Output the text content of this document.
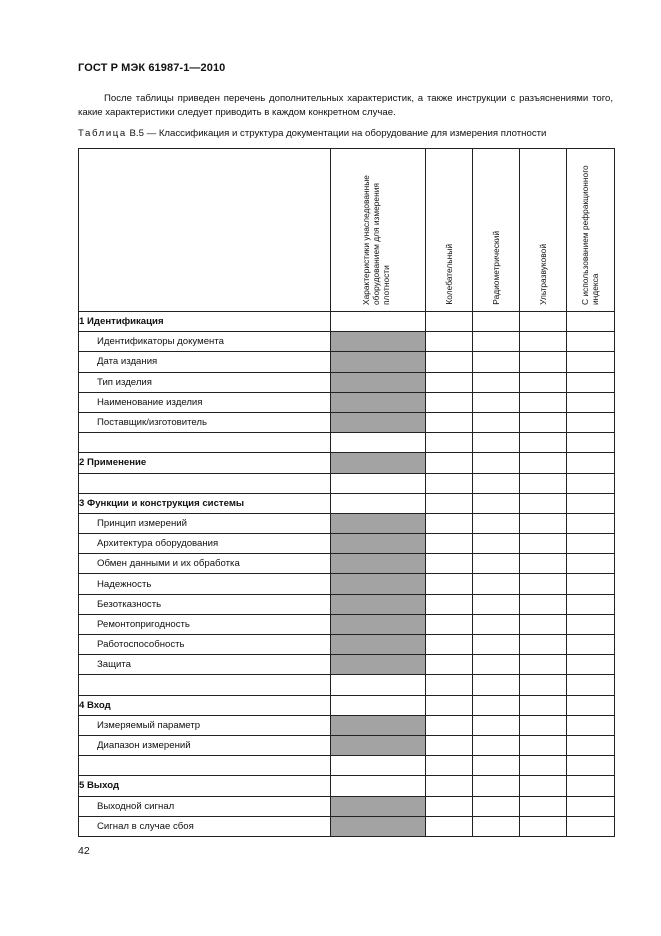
ГОСТ Р МЭК 61987-1—2010
После таблицы приведен перечень дополнительных характеристик, а также инструкции с разъяснениями того, какие характеристики следует приводить в каждом конкретном случае.
Таблица В.5 — Классификация и структура документации на оборудование для измерения плотности

	Характеристики унаследованные оборудованием для измерения плотности	Колебательный	Радиометрический	Ультразвуковой	С использованием рефракционного индекса

1 Идентификация					
Идентификаторы документа					
Дата издания					
Тип изделия					
Наименование изделия					
Поставщик/изготовитель					

2 Применение					

3 Функции и конструкция системы					
Принцип измерений					
Архитектура оборудования					
Обмен данными и их обработка					
Надежность					
Безотказность					
Ремонтопригодность					
Работоспособность					
Защита					

4 Вход					
Измеряемый параметр					
Диапазон измерений					

5 Выход					
Выходной сигнал					
Сигнал в случае сбоя					
42
